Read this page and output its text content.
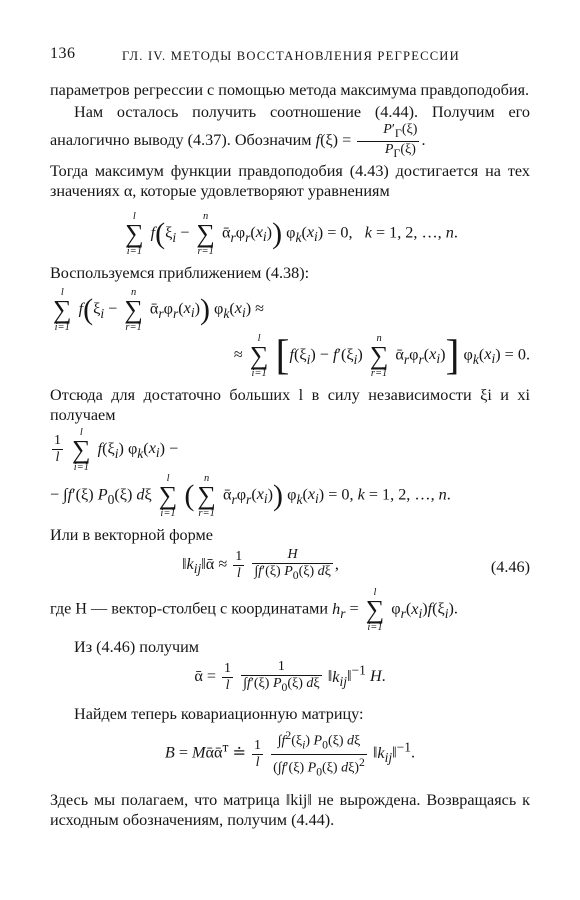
136	ГЛ. IV. МЕТОДЫ ВОССТАНОВЛЕНИЯ РЕГРЕССИИ

параметров регрессии с помощью метода максимума правдоподобия.

Нам осталось получить соотношение (4.44). Получим его аналогично выводу (4.37). Обозначим $f(\xi) = \frac{P'_\Gamma(\xi)}{P_\Gamma(\xi)}$ .

Тогда максимум функции правдоподобия (4.43) достигается на тех значениях α, которые удовлетворяют уравнениям

l
∑
i=1
$f(\xi_i$ −
n
∑
r=1
$ᾱ_r\varphi_r(x_i)$) $\varphi_k(x_i) = 0$,   k = 1, 2, …, n.

Воспользуемся приближением (4.38):

l
∑
i=1
$f(\xi_i$ −
n
∑
r=1
$ᾱ_r\varphi_r(x_i)$) $\varphi_k(x_i)$ ≈
≈
l
∑
i=1 [$f(\xi_i) - f'(\xi_i)$
n
∑
r=1
$ᾱ_r\varphi_r(x_i)$] $\varphi_k(x_i) = 0$.

Отсюда для достаточно больших l в силу независимости ξi и xi получаем

$\frac{1}{l}$

l
∑
i=1
$f(\xi_i) \varphi_k(x_i)$ −
− ∫f′(ξ) $P_0(\xi)$ dξ
l
∑
i=1
(
n
∑
r=1
$ᾱ_r\varphi_r(x_i)$) $\varphi_k(x_i) = 0$, k = 1, 2, …, n.

Или в векторной форме

$‖k_{ij}‖ᾱ \approx \frac{1}{l}$
$\frac{H}{\int f'(\xi) P_0(\xi) d\xi}$ ,	(4.46)
где H — вектор-столбец с координатами $h_r$ =
l
∑
i=1
$\varphi_r(x_i)f(\xi_i)$.

Из (4.46) получим

ᾱ = $\frac{1}{l}$
$\frac{1}{\int f'(\xi) P_0(\xi) d\xi}$ $‖k_{ij}‖^{-1}$ H.

Найдем теперь ковариационную матрицу:

B = Mᾱᾱ$^т$ ≐ $\frac{1}{l}$
$\frac{\int f^2(\xi_i) P_0(\xi) d\xi}{(\int f'(\xi) P_0(\xi) d\xi)^2}$ $‖k_{ij}‖^{-1}$.

Здесь мы полагаем, что матрица ‖kij‖ не вырождена. Возвращаясь к исходным обозначениям, получим (4.44).
